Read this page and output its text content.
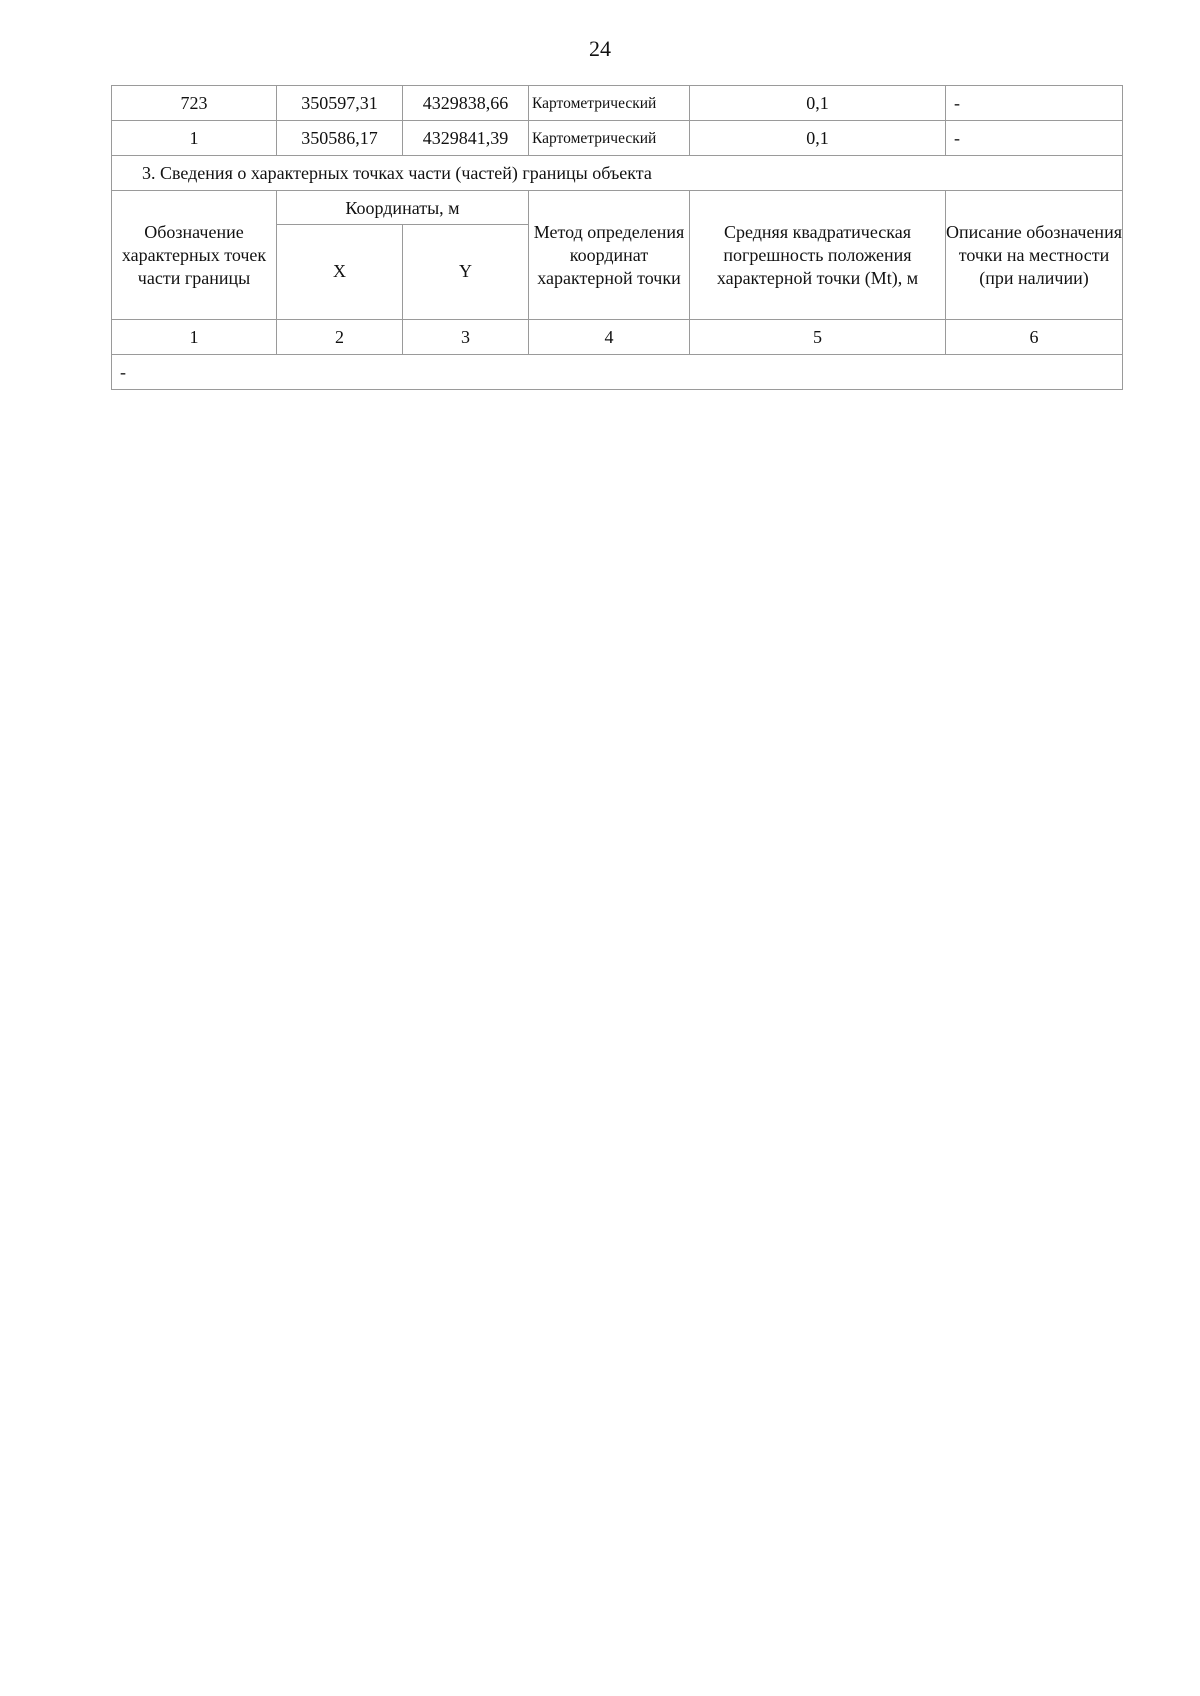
24
723	350597,31	4329838,66	Картометрический	0,1	-
1	350586,17	4329841,39	Картометрический	0,1	-
3. Сведения о характерных точках части (частей) границы объекта					
Обозначение характерных точек части границы	Координаты, м		Метод определения координат характерной точки	Средняя квадратическая погрешность положения характерной точки (Mt), м	Описание обозначения точки на местности (при наличии)
	X	Y			
1	2	3	4	5	6
-					
